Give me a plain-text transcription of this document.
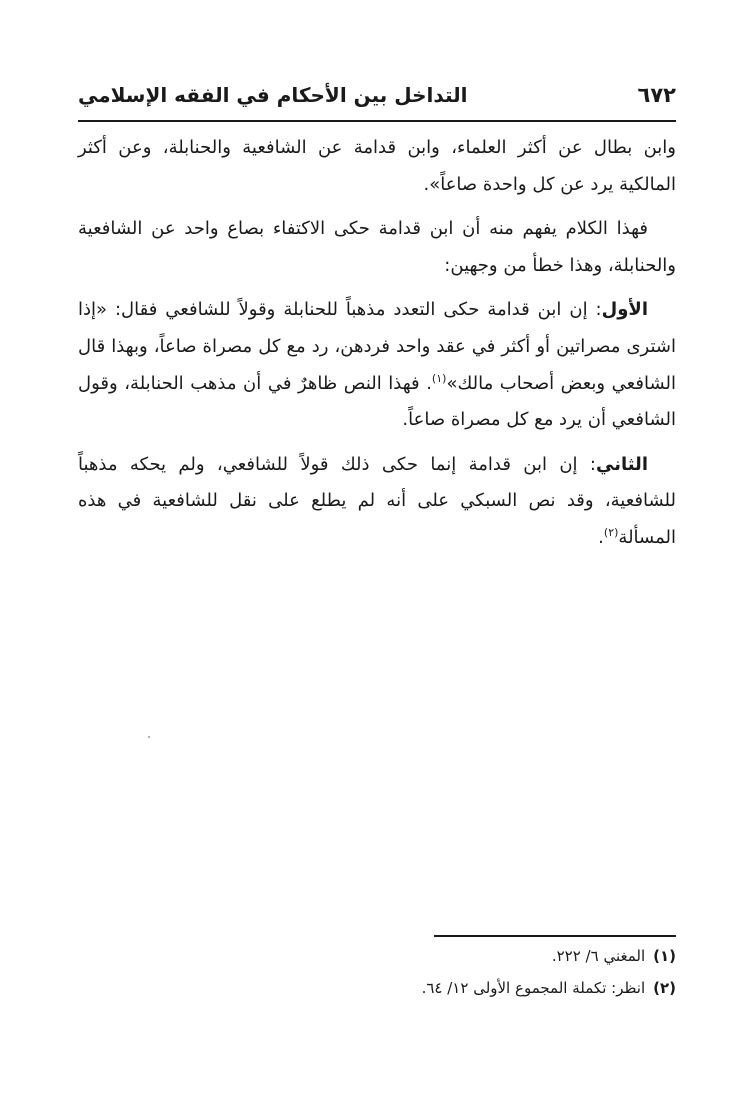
٦٧٢
التداخل بين الأحكام في الفقه الإسلامي

وابن بطال عن أكثر العلماء، وابن قدامة عن الشافعية والحنابلة، وعن أكثر المالكية يرد عن كل واحدة صاعاً».

فهذا الكلام يفهم منه أن ابن قدامة حكى الاكتفاء بصاع واحد عن الشافعية والحنابلة، وهذا خطأ من وجهين:

الأول: إن ابن قدامة حكى التعدد مذهباً للحنابلة وقولاً للشافعي فقال: «إذا اشترى مصراتين أو أكثر في عقد واحد فردهن، رد مع كل مصراة صاعاً، وبهذا قال الشافعي وبعض أصحاب مالك»$^{(١)}$. فهذا النص ظاهرٌ في أن مذهب الحنابلة، وقول الشافعي أن يرد مع كل مصراة صاعاً.

الثاني: إن ابن قدامة إنما حكى ذلك قولاً للشافعي، ولم يحكه مذهباً للشافعية، وقد نص السبكي على أنه لم يطلع على نقل للشافعية في هذه المسألة$^{(٢)}$.

(١)المغني ٦/ ٢٢٢.

(٢)انظر: تكملة المجموع الأولى ١٢/ ٦٤.
